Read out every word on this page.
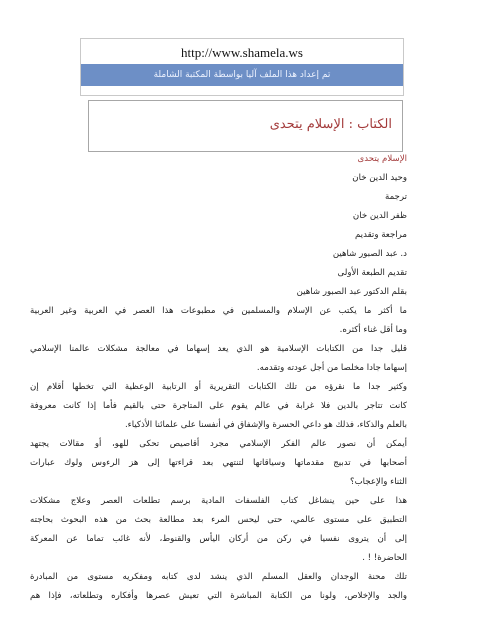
http://www.shamela.ws
تم إعداد هذا الملف آليا بواسطة المكتبة الشاملة
الكتاب : الإسلام يتحدى
الإسلام يتحدى
وحيد الدين خان
ترجمة
ظفر الدين خان
مراجعة وتقديم
د. عبد الصبور شاهين
تقديم الطبعة الأولى
بقلم الدكتور عبد الصبور شاهين
ما أكثر ما يكتب عن الإسلام والمسلمين في مطبوعات هذا العصر في العربية وغير العربية
وما أقل غناء أكثره.
قليل جدا من الكتابات الإسلامية هو الذي يعد إسهاما في معالجة مشكلات عالمنا الإسلامي
إسهاما جادا مخلصا من أجل عودته وتقدمه.
وكثير جدا ما نقرؤه من تلك الكتابات التقريرية أو الرتابية الوعظية التي تخطها أقلام إن
كانت تتاجر بالدين فلا غرابة في عالم يقوم على المتاجرة حتى بالقيم فأما إذا كانت معروفة
بالعلم والذكاء، فذلك هو داعي الحسرة والإشفاق في أنفسنا على علمائنا الأذكياء.
أيمكن أن نصور عالم الفكر الإسلامي مجرد أقاصيص تحكى للهو، أو مقالات يجتهد
أصحابها في تدبيج مقدماتها وسياقاتها لتنتهي بعد قراءتها إلى هز الرءوس ولوك عبارات
الثناء والإعجاب؟
هذا على حين ينشاغل كتاب الفلسفات المادية برسم تطلعات العصر وعلاج مشكلات
التطبيق على مستوى عالمي، حتى ليحس المرء بعد مطالعة بحث من هذه البحوث بحاجته
إلى أن يتروى نفسيا في ركن من أركان اليأس والقنوط، لأنه غائب تماما عن المعركة
الحاضرة! ! .
تلك محنة الوجدان والعقل المسلم الذي ينشد لدى كتابه ومفكريه مستوى من المبادرة
والجد والإخلاص، ولونا من الكتابة المباشرة التي تعيش عصرها وأفكاره وتطلعاته، فإذا هم
